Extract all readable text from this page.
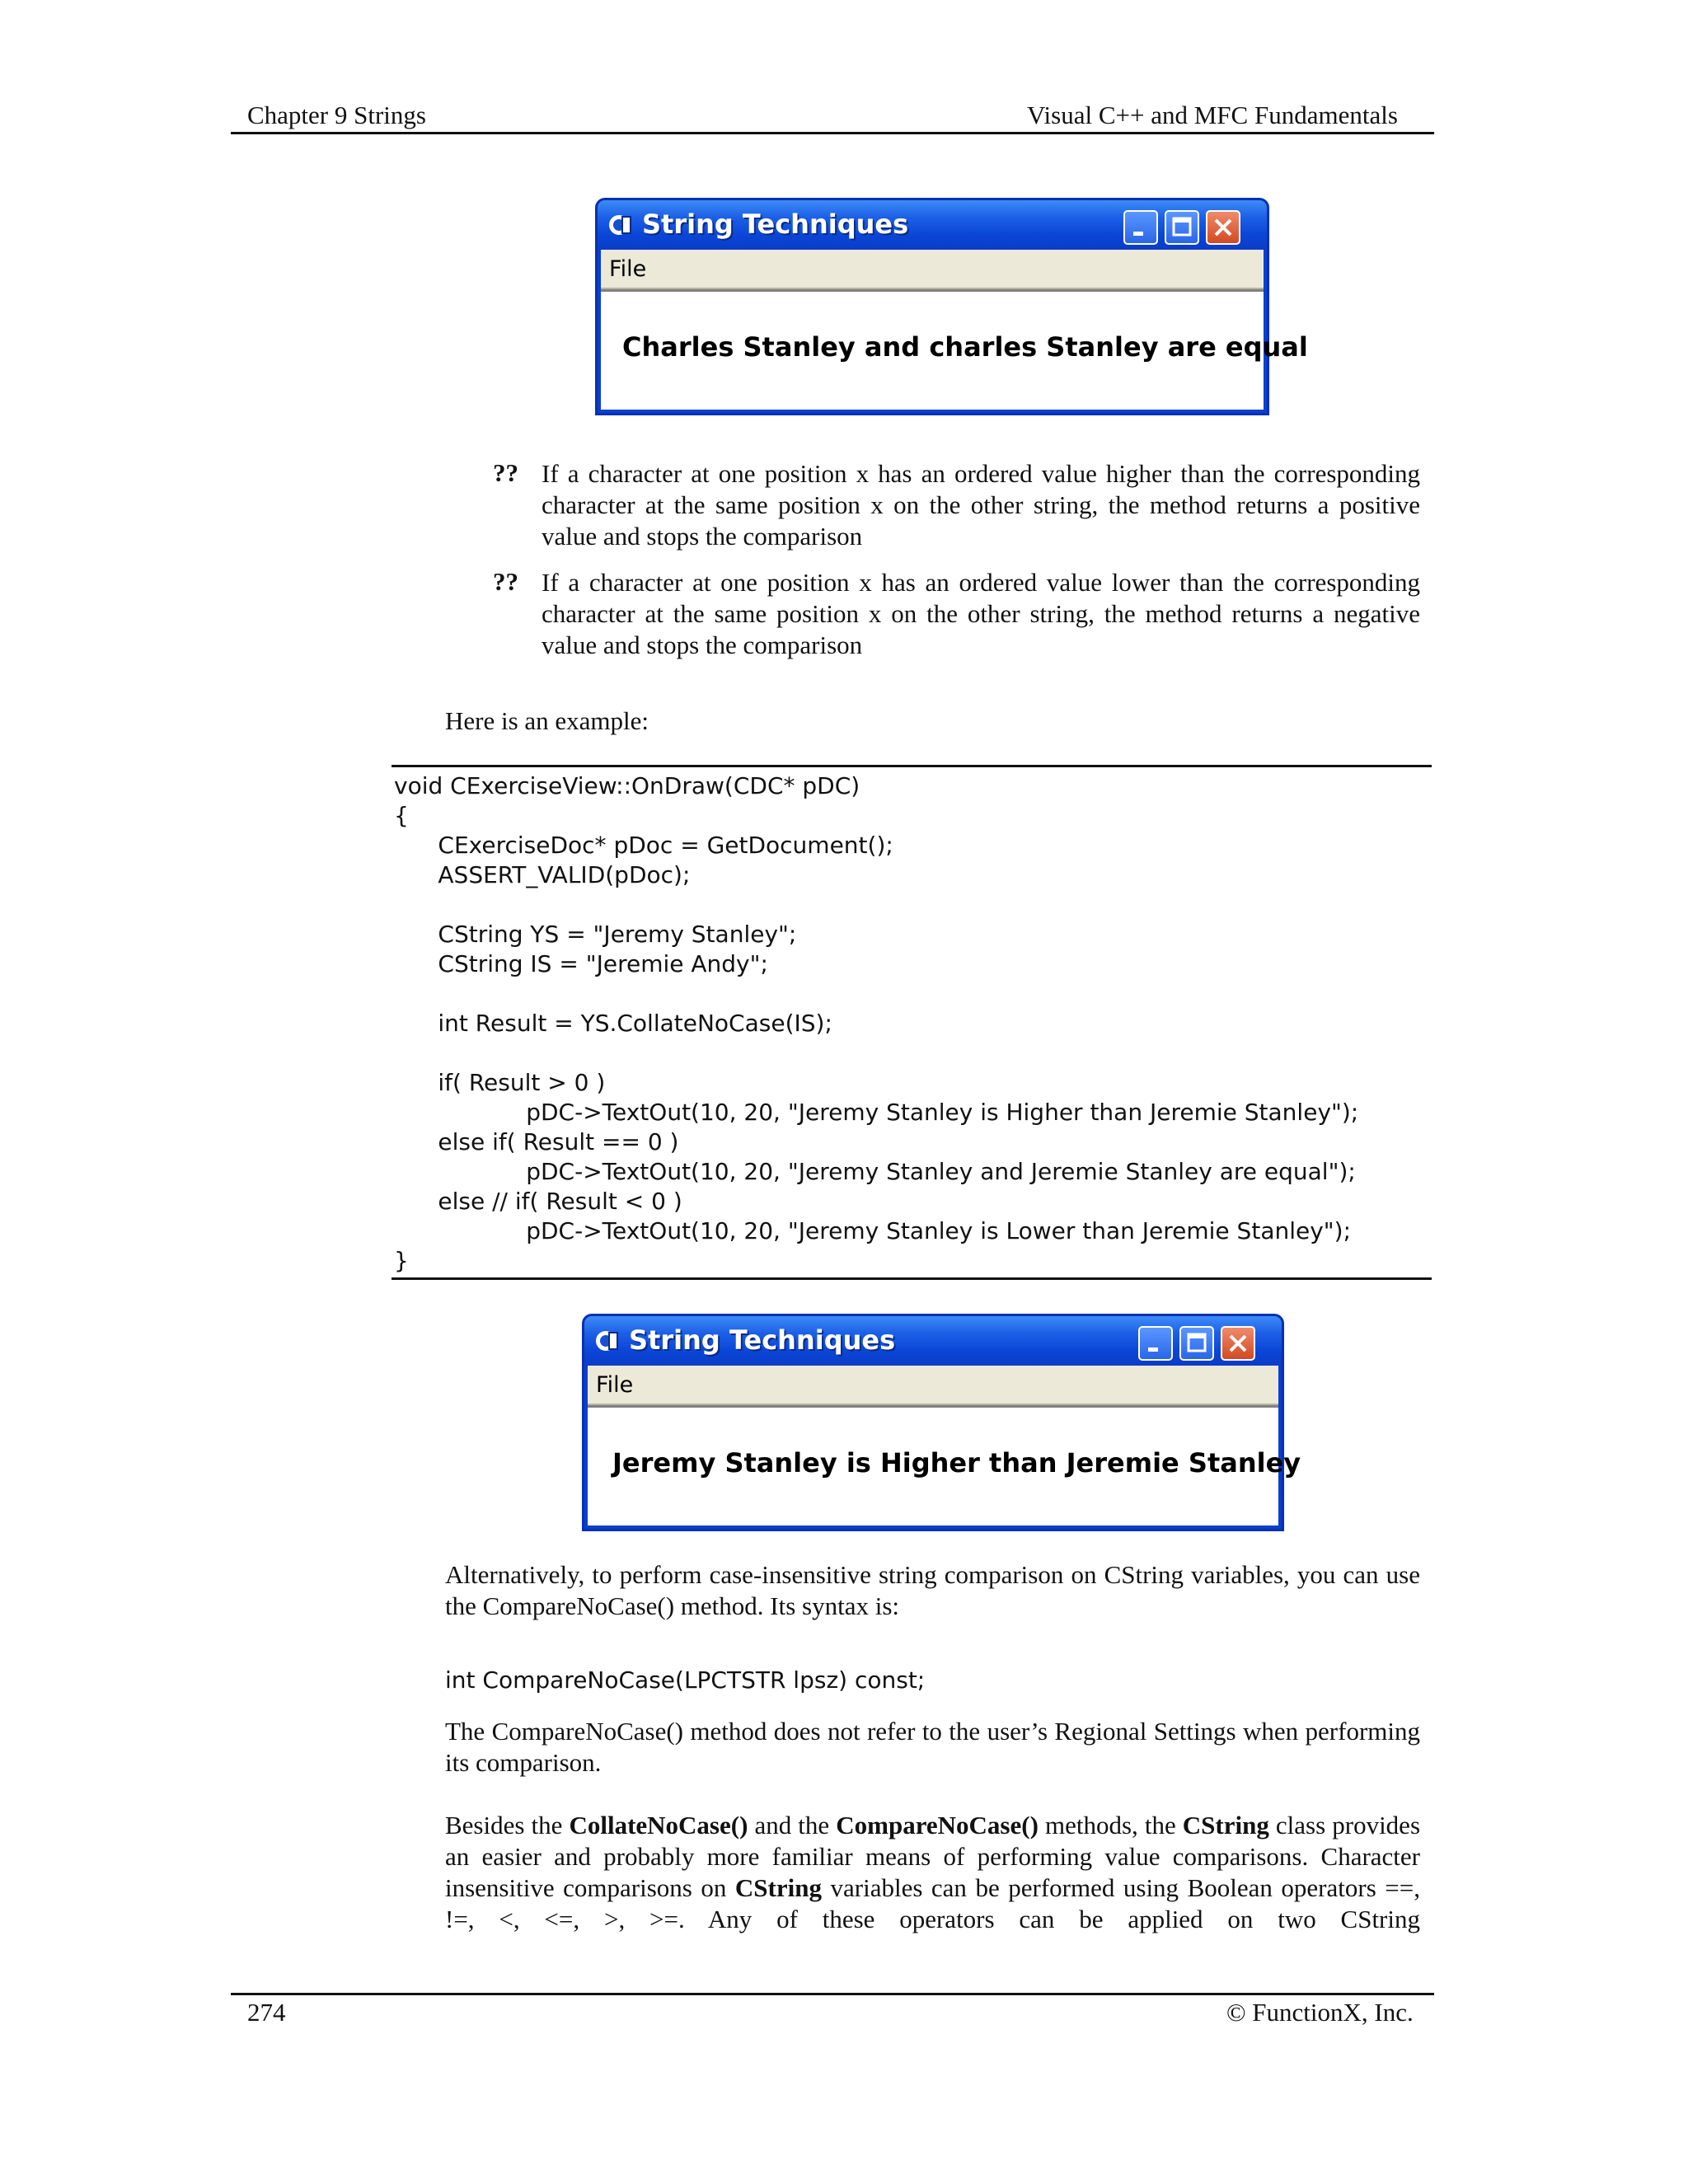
Chapter 9 Strings	Visual C++ and MFC Fundamentals
String Techniques
File
Charles Stanley and charles Stanley are equal
?? If a character at one position x has an ordered value higher than the corresponding character at the same position x on the other string, the method returns a positive value and stops the comparison
?? If a character at one position x has an ordered value lower than the corresponding character at the same position x on the other string, the method returns a negative value and stops the comparison
Here is an example:
void CExerciseView::OnDraw(CDC* pDC)
{
CExerciseDoc* pDoc = GetDocument();
ASSERT_VALID(pDoc);
CString YS = "Jeremy Stanley";
CString IS = "Jeremie Andy";
int Result = YS.CollateNoCase(IS);
if( Result > 0 )
pDC->TextOut(10, 20, "Jeremy Stanley is Higher than Jeremie Stanley");
else if( Result == 0 )
pDC->TextOut(10, 20, "Jeremy Stanley and Jeremie Stanley are equal");
else // if( Result < 0 )
pDC->TextOut(10, 20, "Jeremy Stanley is Lower than Jeremie Stanley");
}
String Techniques
File
Jeremy Stanley is Higher than Jeremie Stanley
Alternatively, to perform case-insensitive string comparison on CString variables, you can use the CompareNoCase() method. Its syntax is:
int CompareNoCase(LPCTSTR lpsz) const;
The CompareNoCase() method does not refer to the user’s Regional Settings when performing its comparison.
Besides the CollateNoCase() and the CompareNoCase() methods, the CString class provides an easier and probably more familiar means of performing value comparisons. Character insensitive comparisons on CString variables can be performed using Boolean operators ==, !=, <, <=, >, >=. Any of these operators can be applied on two CString
274	© FunctionX, Inc.
